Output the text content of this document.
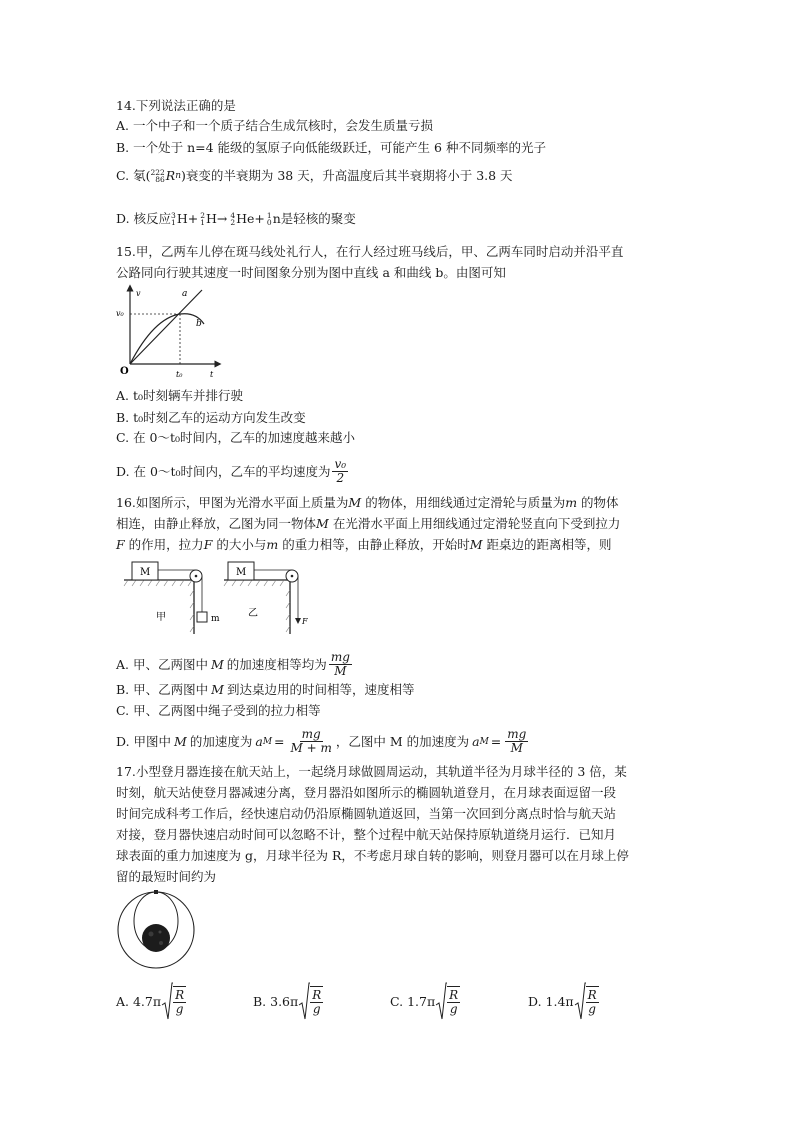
14.下列说法正确的是
A. 一个中子和一个质子结合生成氘核时，会发生质量亏损
B. 一个处于 n=4 能级的氢原子向低能级跃迁，可能产生 6 种不同频率的光子
C. 氡( 222
86 R n )衰变的半衰期为 38 天，升高温度后其半衰期将小于 3.8 天
D. 核反应 3
1 H+ 2
1 H→ 4
2 He+ 1
0 n 是轻核的聚变
15.甲，乙两车儿停在斑马线处礼行人，在行人经过班马线后，甲、乙两车同时启动并沿平直
公路同向行驶其速度一时间图象分别为图中直线 a 和曲线 b。由图可知
v	a
b
v₀
O	t₀	t
A. t₀时刻辆车并排行驶
B. t₀时刻乙车的运动方向发生改变
C. 在 0～t₀时间内，乙车的加速度越来越小
D. 在 0～t₀时间内，乙车的平均速度为 $\frac{\text{v₀}}{2}$
16.如图所示，甲图为光滑水平面上质量为M 的物体，用细线通过定滑轮与质量为m 的物体
相连，由静止释放，乙图为同一物体M 在光滑水平面上用细线通过定滑轮竖直向下受到拉力
F 的作用，拉力F 的大小与m 的重力相等，由静止释放，开始时M 距桌边的距离相等，则
M
m
甲
M
F
乙
A. 甲、乙两图中 M 的加速度相等均为 $\frac{mg}{M}$
B. 甲、乙两图中 M 到达桌边用的时间相等，速度相等
C. 甲、乙两图中绳子受到的拉力相等
D. 甲图中 M 的加速度为 a $M = \frac{mg}{M + m}$ ，乙图中 M 的加速度为 a $M = \frac{mg}{M}$
17.小型登月器连接在航天站上，一起绕月球做圆周运动，其轨道半径为月球半径的 3 倍，某
时刻，航天站使登月器减速分离，登月器沿如图所示的椭圆轨道登月，在月球表面逗留一段
时间完成科考工作后，经快速启动仍沿原椭圆轨道返回，当第一次回到分离点时恰与航天站
对接，登月器快速启动时间可以忽略不计，整个过程中航天站保持原轨道绕月运行．已知月
球表面的重力加速度为 g，月球半径为 R，不考虑月球自转的影响，则登月器可以在月球上停
留的最短时间约为
A. $4.7\pi \frac{R}{g}$	B. $3.6\pi \frac{R}{g}$	C. $1.7\pi \frac{R}{g}$	D. $1.4\pi \frac{R}{g}$
